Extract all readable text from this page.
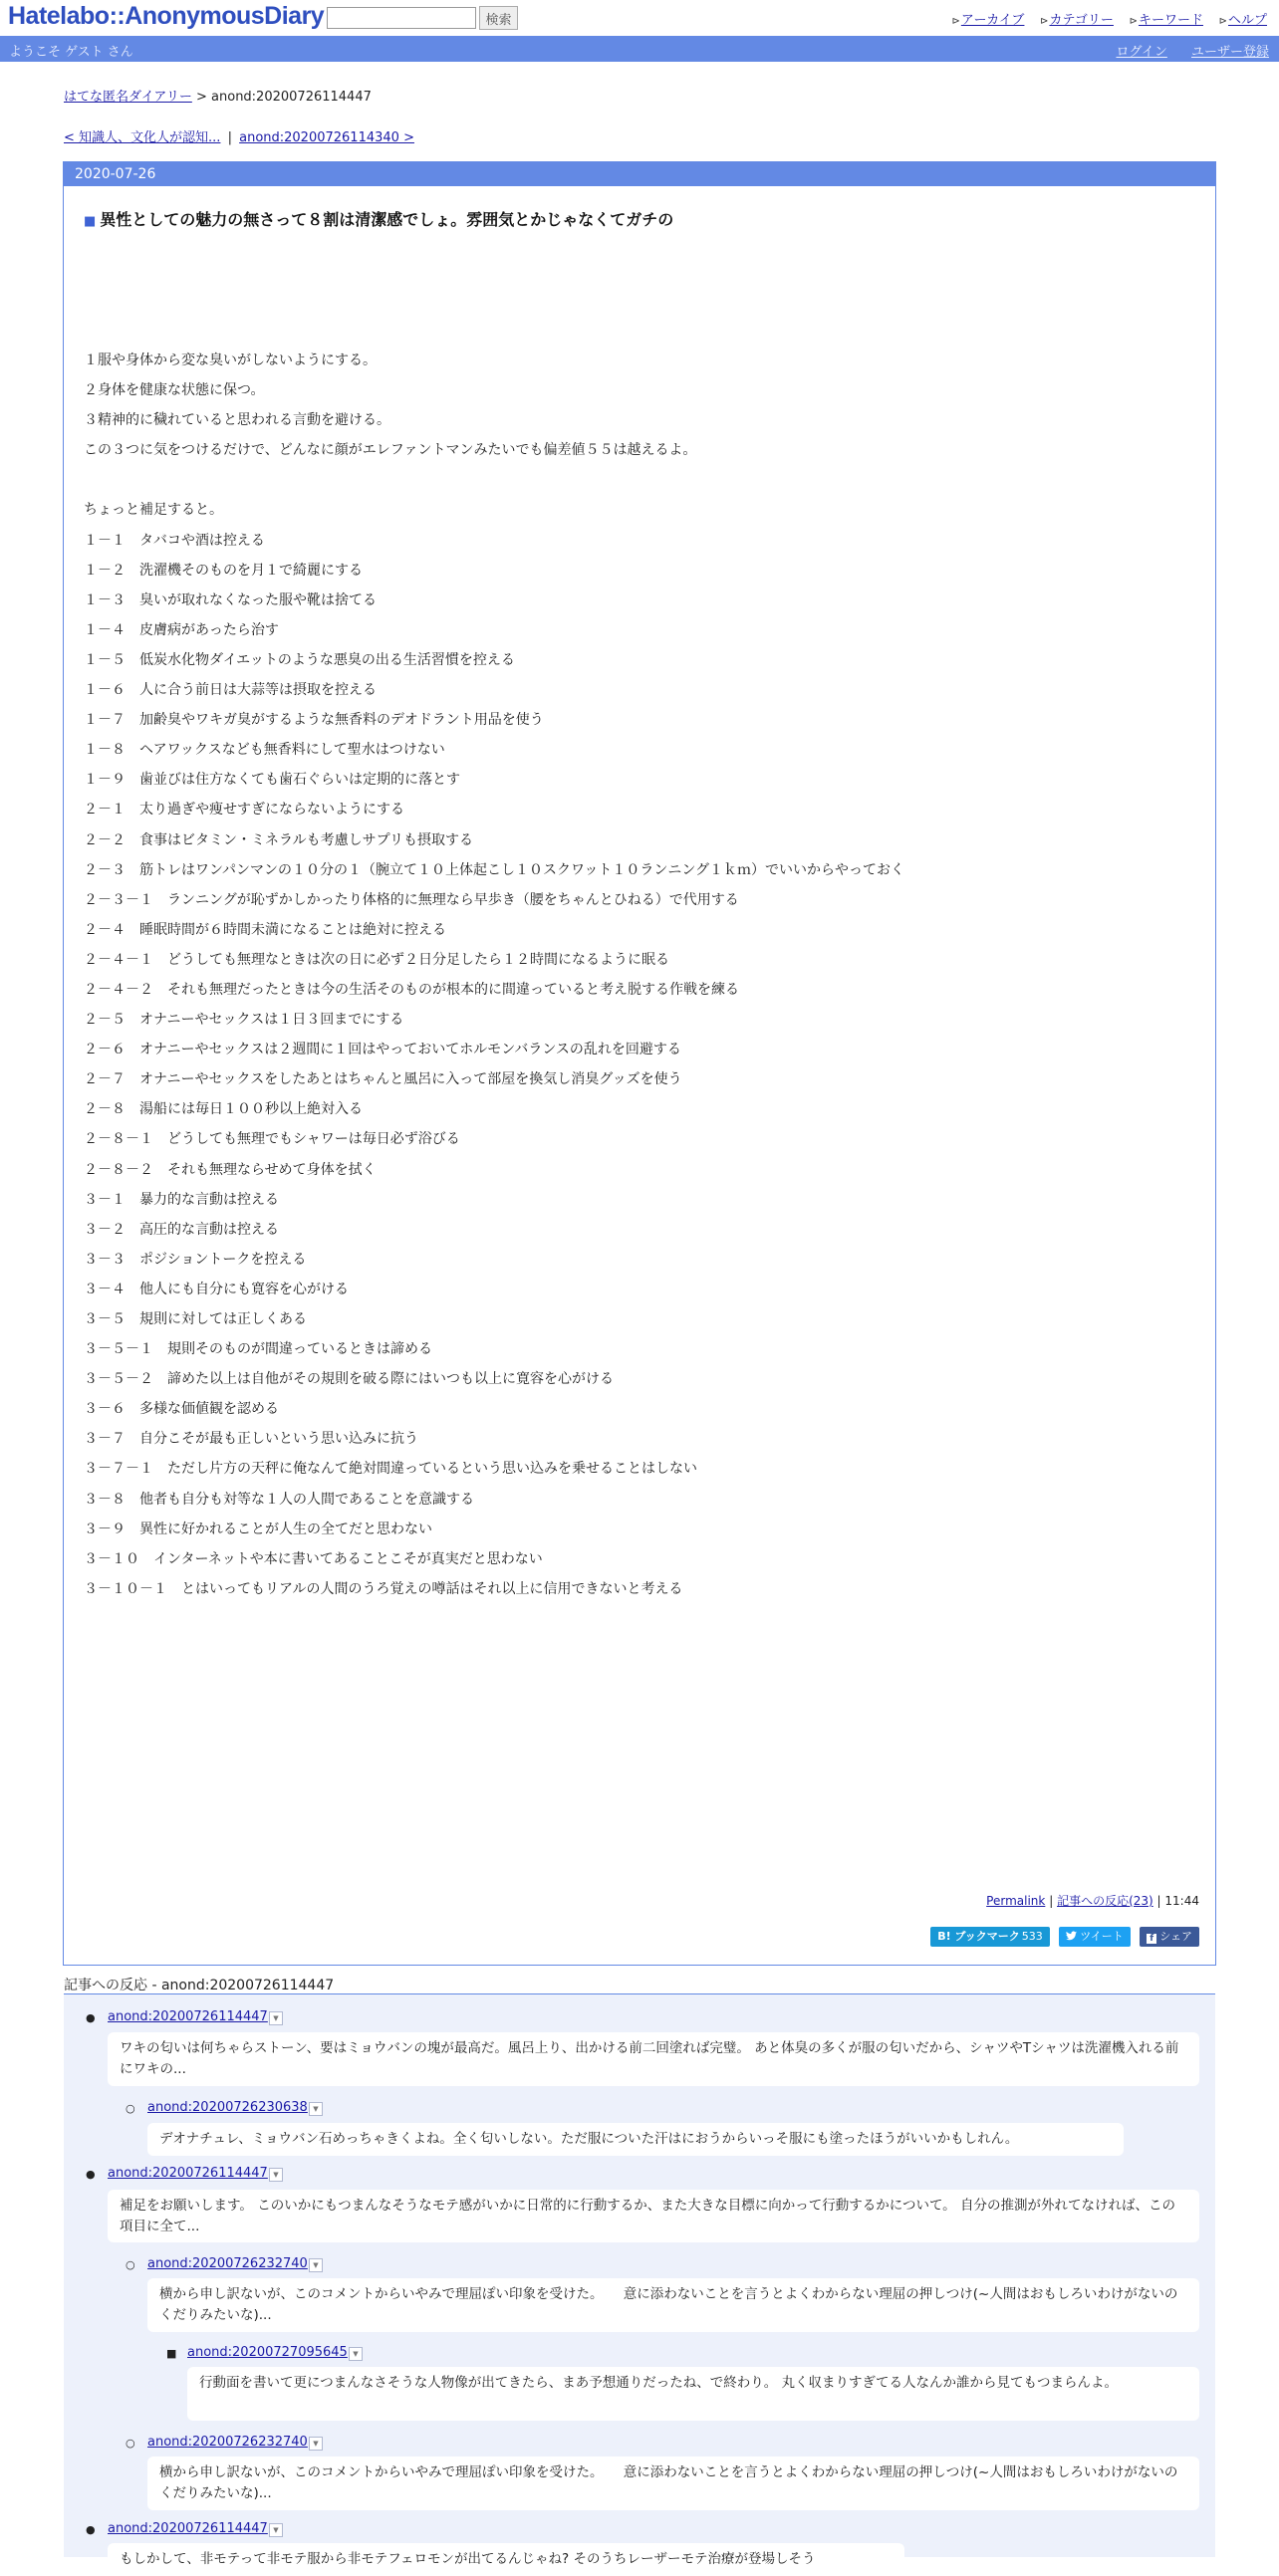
Hatelabo::AnonymousDiary	検索	⊳アーカイブ ⊳カテゴリー ⊳キーワード ⊳ヘルプ
ようこそ ゲスト さん	ログイン ユーザー登録
はてな匿名ダイアリー > anond:20200726114447
< 知識人、文化人が認知... | anond:20200726114340 >
2020-07-26
■ 異性としての魅力の無さって８割は清潔感でしょ。雰囲気とかじゃなくてガチの
１服や身体から変な臭いがしないようにする。
２身体を健康な状態に保つ。
３精神的に穢れていると思われる言動を避ける。
この３つに気をつけるだけで、どんなに顔がエレファントマンみたいでも偏差値５５は越えるよ。

ちょっと補足すると。
１－１　タバコや酒は控える
１－２　洗濯機そのものを月１で綺麗にする
１－３　臭いが取れなくなった服や靴は捨てる
１－４　皮膚病があったら治す
１－５　低炭水化物ダイエットのような悪臭の出る生活習慣を控える
１－６　人に合う前日は大蒜等は摂取を控える
１－７　加齢臭やワキガ臭がするような無香料のデオドラント用品を使う
１－８　ヘアワックスなども無香料にして聖水はつけない
１－９　歯並びは住方なくても歯石ぐらいは定期的に落とす
２－１　太り過ぎや痩せすぎにならないようにする
２－２　食事はビタミン・ミネラルも考慮しサプリも摂取する
２－３　筋トレはワンパンマンの１０分の１（腕立て１０上体起こし１０スクワット１０ランニング１ｋｍ）でいいからやっておく
２－３－１　ランニングが恥ずかしかったり体格的に無理なら早歩き（腰をちゃんとひねる）で代用する
２－４　睡眠時間が６時間未満になることは絶対に控える
２－４－１　どうしても無理なときは次の日に必ず２日分足したら１２時間になるように眠る
２－４－２　それも無理だったときは今の生活そのものが根本的に間違っていると考え脱する作戦を練る
２－５　オナニーやセックスは１日３回までにする
２－６　オナニーやセックスは２週間に１回はやっておいてホルモンバランスの乱れを回避する
２－７　オナニーやセックスをしたあとはちゃんと風呂に入って部屋を換気し消臭グッズを使う
２－８　湯船には毎日１００秒以上絶対入る
２－８－１　どうしても無理でもシャワーは毎日必ず浴びる
２－８－２　それも無理ならせめて身体を拭く
３－１　暴力的な言動は控える
３－２　高圧的な言動は控える
３－３　ポジショントークを控える
３－４　他人にも自分にも寛容を心がける
３－５　規則に対しては正しくある
３－５－１　規則そのものが間違っているときは諦める
３－５－２　諦めた以上は自他がその規則を破る際にはいつも以上に寛容を心がける
３－６　多様な価値観を認める
３－７　自分こそが最も正しいという思い込みに抗う
３－７－１　ただし片方の天秤に俺なんて絶対間違っているという思い込みを乗せることはしない
３－８　他者も自分も対等な１人の人間であることを意識する
３－９　異性に好かれることが人生の全てだと思わない
３－１０　インターネットや本に書いてあることこそが真実だと思わない
３－１０－１　とはいってもリアルの人間のうろ覚えの噂話はそれ以上に信用できないと考える
Permalink | 記事への反応(23) | 11:44
B! ブックマーク 533	ツイート	f シェア
記事への反応 - anond:20200726114447
● anond:20200726114447 ▼
ワキの匂いは何ちゃらストーン、要はミョウバンの塊が最高だ。風呂上り、出かける前二回塗れば完璧。 あと体臭の多くが服の匂いだから、シャツやTシャツは洗濯機入れる前にワキの...
○ anond:20200726230638 ▼
デオナチュレ、ミョウバン石めっちゃきくよね。全く匂いしない。ただ服についた汗はにおうからいっそ服にも塗ったほうがいいかもしれん。
● anond:20200726114447 ▼
補足をお願いします。 このいかにもつまんなそうなモテ感がいかに日常的に行動するか、また大きな目標に向かって行動するかについて。 自分の推測が外れてなければ、この項目に全て...
○ anond:20200726232740 ▼
横から申し訳ないが、このコメントからいやみで理屈ぽい印象を受けた。　　意に添わないことを言うとよくわからない理屈の押しつけ(~人間はおもしろいわけがないのくだりみたいな)...
■ anond:20200727095645 ▼
行動面を書いて更につまんなさそうな人物像が出てきたら、まあ予想通りだったね、で終わり。 丸く収まりすぎてる人なんか誰から見てもつまらんよ。
○ anond:20200726232740 ▼
横から申し訳ないが、このコメントからいやみで理屈ぽい印象を受けた。　　意に添わないことを言うとよくわからない理屈の押しつけ(~人間はおもしろいわけがないのくだりみたいな)...
● anond:20200726114447 ▼
もしかして、非モテって非モテ服から非モテフェロモンが出てるんじゃね? そのうちレーザーモテ治療が登場しそう
